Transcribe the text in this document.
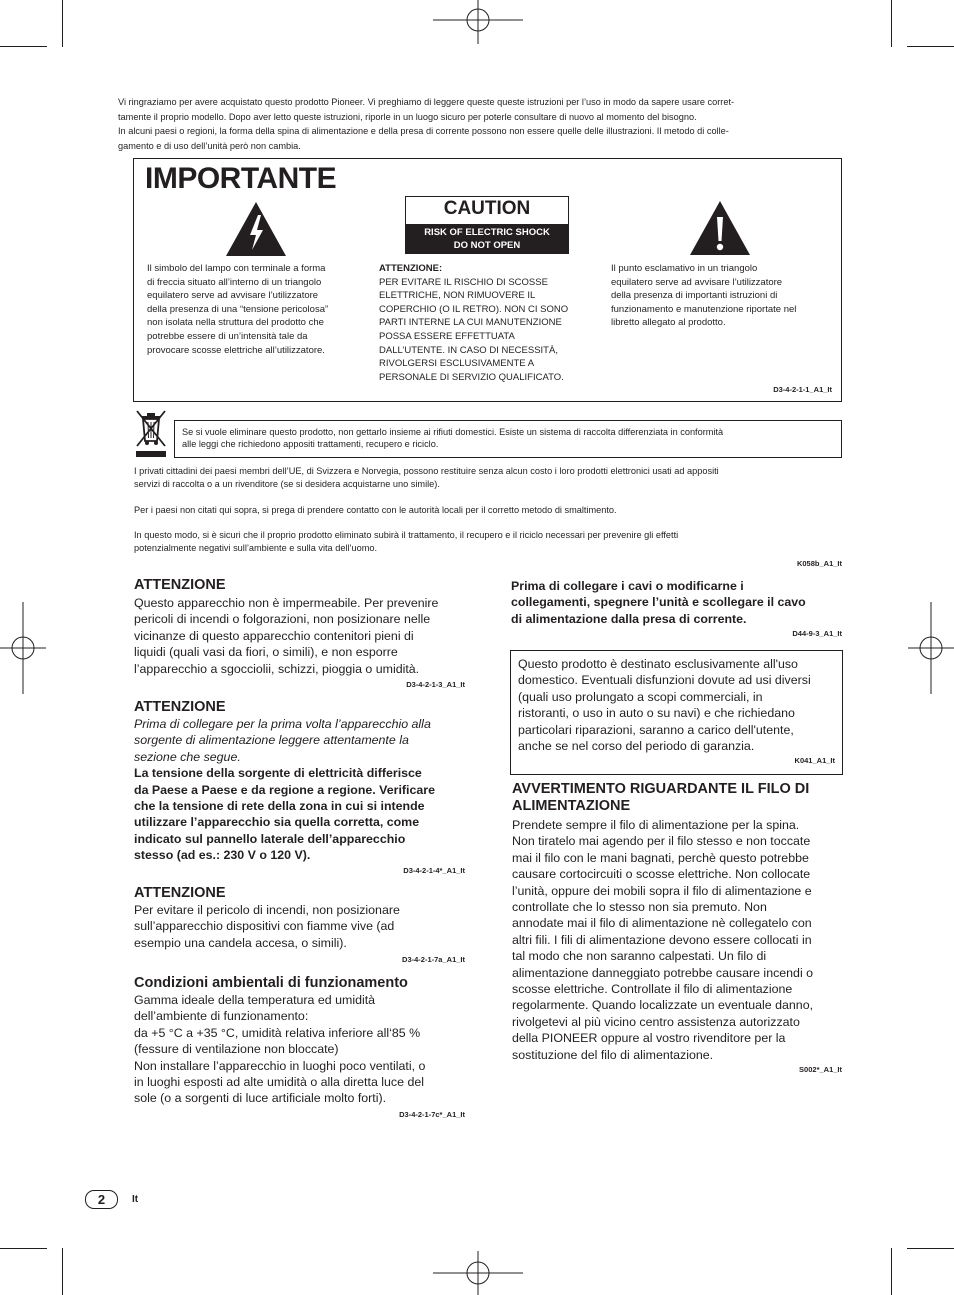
Vi ringraziamo per avere acquistato questo prodotto Pioneer. Vi preghiamo di leggere queste queste istruzioni per l’uso in modo da sapere usare corret-

tamente il proprio modello. Dopo aver letto queste istruzioni, riporle in un luogo sicuro per poterle consultare di nuovo al momento del bisogno.

In alcuni paesi o regioni, la forma della spina di alimentazione e della presa di corrente possono non essere quelle delle illustrazioni. Il metodo di colle-

gamento e di uso dell’unità però non cambia.

IMPORTANTE
CAUTION
RISK OF ELECTRIC SHOCK
DO NOT OPEN
Il simbolo del lampo con terminale a forma
di freccia situato all’interno di un triangolo
equilatero serve ad avvisare l’utilizzatore
della presenza di una “tensione pericolosa”
non isolata nella struttura del prodotto che
potrebbe essere di un’intensità tale da
provocare scosse elettriche all’utilizzatore.
ATTENZIONE:
PER EVITARE IL RISCHIO DI SCOSSE
ELETTRICHE, NON RIMUOVERE IL
COPERCHIO (O IL RETRO). NON CI SONO
PARTI INTERNE LA CUI MANUTENZIONE
POSSA ESSERE EFFETTUATA
DALL’UTENTE. IN CASO DI NECESSITÀ,
RIVOLGERSI ESCLUSIVAMENTE A
PERSONALE DI SERVIZIO QUALIFICATO.
Il punto esclamativo in un triangolo
equilatero serve ad avvisare l’utilizzatore
della presenza di importanti istruzioni di
funzionamento e manutenzione riportate nel
libretto allegato al prodotto.
D3-4-2-1-1_A1_It
Se si vuole eliminare questo prodotto, non gettarlo insieme ai rifiuti domestici. Esiste un sistema di raccolta differenziata in conformità
alle leggi che richiedono appositi trattamenti, recupero e riciclo.

I privati cittadini dei paesi membri dell’UE, di Svizzera e Norvegia, possono restituire senza alcun costo i loro prodotti elettronici usati ad appositi

servizi di raccolta o a un rivenditore (se si desidera acquistarne uno simile).

Per i paesi non citati qui sopra, si prega di prendere contatto con le autorità locali per il corretto metodo di smaltimento.

In questo modo, si è sicuri che il proprio prodotto eliminato subirà il trattamento, il recupero e il riciclo necessari per prevenire gli effetti

potenzialmente negativi sull’ambiente e sulla vita dell’uomo.

K058b_A1_It
ATTENZIONE

Questo apparecchio non è impermeabile. Per prevenire

pericoli di incendi o folgorazioni, non posizionare nelle

vicinanze di questo apparecchio contenitori pieni di

liquidi (quali vasi da fiori, o simili), e non esporre

l’apparecchio a sgocciolii, schizzi, pioggia o umidità.

D3-4-2-1-3_A1_It
ATTENZIONE

Prima di collegare per la prima volta l’apparecchio alla

sorgente di alimentazione leggere attentamente la

sezione che segue.

La tensione della sorgente di elettricità differisce

da Paese a Paese e da regione a regione. Verificare

che la tensione di rete della zona in cui si intende

utilizzare l’apparecchio sia quella corretta, come

indicato sul pannello laterale dell’apparecchio

stesso (ad es.: 230 V o 120 V).

D3-4-2-1-4*_A1_It
ATTENZIONE

Per evitare il pericolo di incendi, non posizionare

sull’apparecchio dispositivi con fiamme vive (ad

esempio una candela accesa, o simili).

D3-4-2-1-7a_A1_It
Condizioni ambientali di funzionamento

Gamma ideale della temperatura ed umidità

dell’ambiente di funzionamento:

da +5 °C a +35 °C, umidità relativa inferiore all‘85 %

(fessure di ventilazione non bloccate)

Non installare l’apparecchio in luoghi poco ventilati, o

in luoghi esposti ad alte umidità o alla diretta luce del

sole (o a sorgenti di luce artificiale molto forti).

D3-4-2-1-7c*_A1_It

Prima di collegare i cavi o modificarne i

collegamenti, spegnere l’unità e scollegare il cavo

di alimentazione dalla presa di corrente.

D44-9-3_A1_It

Questo prodotto è destinato esclusivamente all'uso

domestico. Eventuali disfunzioni dovute ad usi diversi

(quali uso prolungato a scopi commerciali, in

ristoranti, o uso in auto o su navi) e che richiedano

particolari riparazioni, saranno a carico dell'utente,

anche se nel corso del periodo di garanzia.

K041_A1_It
AVVERTIMENTO RIGUARDANTE IL FILO DI
ALIMENTAZIONE

Prendete sempre il filo di alimentazione per la spina.

Non tiratelo mai agendo per il filo stesso e non toccate

mai il filo con le mani bagnati, perchè questo potrebbe

causare cortocircuiti o scosse elettriche. Non collocate

l’unità, oppure dei mobili sopra il filo di alimentazione e

controllate che lo stesso non sia premuto. Non

annodate mai il filo di alimentazione nè collegatelo con

altri fili. I fili di alimentazione devono essere collocati in

tal modo che non saranno calpestati. Un filo di

alimentazione danneggiato potrebbe causare incendi o

scosse elettriche. Controllate il filo di alimentazione

regolarmente. Quando localizzate un eventuale danno,

rivolgetevi al più vicino centro assistenza autorizzato

della PIONEER oppure al vostro rivenditore per la

sostituzione del filo di alimentazione.

S002*_A1_It
2	It
